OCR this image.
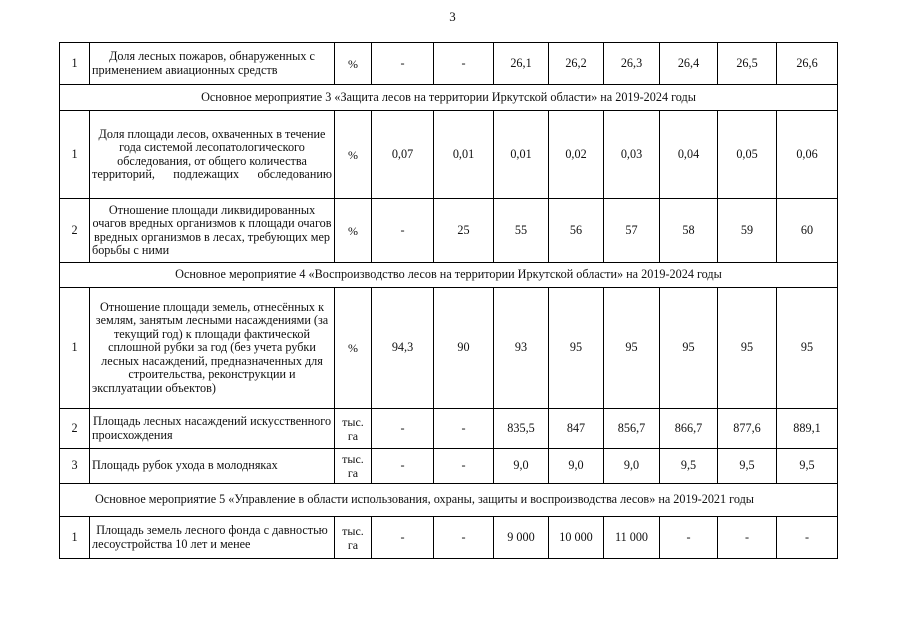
3
1	Доля лесных пожаров, обнаруженных с применением авиационных средств	%	-	-	26,1	26,2	26,3	26,4	26,5	26,6
Основное мероприятие 3 «Защита лесов на территории Иркутской области» на 2019-2024 годы										
1	Доля площади лесов, охваченных в течение года системой лесопатологического обследования, от общего количества территорий, подлежащих обследованию	%	0,07	0,01	0,01	0,02	0,03	0,04	0,05	0,06
2	Отношение площади ликвидированных очагов вредных организмов к площади очагов вредных организмов в лесах, требующих мер борьбы с ними	%	-	25	55	56	57	58	59	60
Основное мероприятие 4 «Воспроизводство лесов на территории Иркутской области» на 2019-2024 годы										
1	Отношение площади земель, отнесённых к землям, занятым лесными насаждениями (за текущий год) к площади фактической сплошной рубки за год (без учета рубки лесных насаждений, предназначенных для строительства, реконструкции и эксплуатации объектов)	%	94,3	90	93	95	95	95	95	95
2	Площадь лесных насаждений искусственного происхождения	тыс. га	-	-	835,5	847	856,7	866,7	877,6	889,1
3	Площадь рубок ухода в молодняках	тыс. га	-	-	9,0	9,0	9,0	9,5	9,5	9,5
Основное мероприятие 5 «Управление в области использования, охраны, защиты и воспроизводства лесов» на 2019-2021 годы										
1	Площадь земель лесного фонда с давностью лесоустройства 10 лет и менее	тыс. га	-	-	9 000	10 000	11 000	-	-	-
